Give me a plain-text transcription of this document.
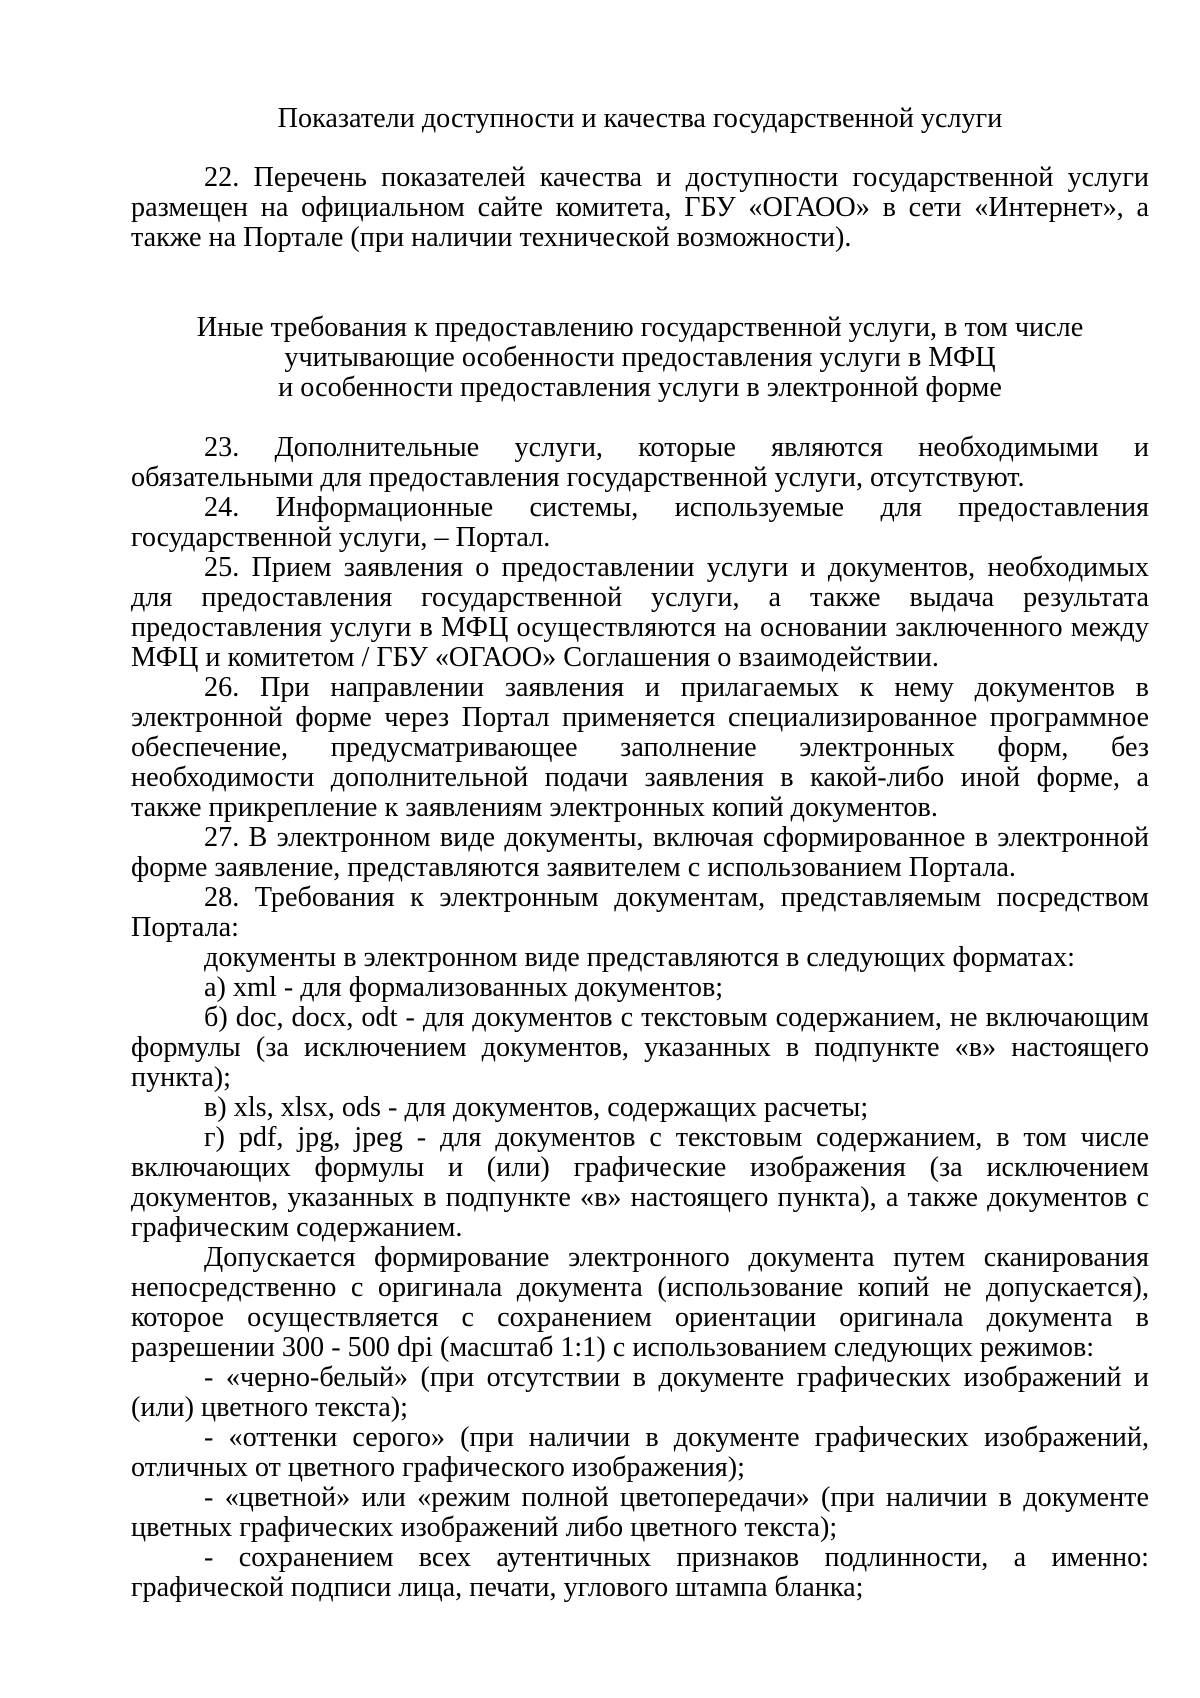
Показатели доступности и качества государственной услуги

22. Перечень показателей качества и доступности государственной услуги размещен на официальном сайте комитета, ГБУ «ОГАОО» в сети «Интернет», а также на Портале (при наличии технической возможности).

Иные требования к предоставлению государственной услуги, в том числе
учитывающие особенности предоставления услуги в МФЦ
и особенности предоставления услуги в электронной форме

23. Дополнительные услуги, которые являются необходимыми и обязательными для предоставления государственной услуги, отсутствуют.

24. Информационные системы, используемые для предоставления государственной услуги, – Портал.

25. Прием заявления о предоставлении услуги и документов, необходимых для предоставления государственной услуги, а также выдача результата предоставления услуги в МФЦ осуществляются на основании заключенного между МФЦ и комитетом / ГБУ «ОГАОО» Соглашения о взаимодействии.

26. При направлении заявления и прилагаемых к нему документов в электронной форме через Портал применяется специализированное программное обеспечение, предусматривающее заполнение электронных форм, без необходимости дополнительной подачи заявления в какой-либо иной форме, а также прикрепление к заявлениям электронных копий документов.

27. В электронном виде документы, включая сформированное в электронной форме заявление, представляются заявителем с использованием Портала.

28. Требования к электронным документам, представляемым посредством Портала:

документы в электронном виде представляются в следующих форматах:

а) xml - для формализованных документов;

б) doc, docx, odt - для документов с текстовым содержанием, не включающим формулы (за исключением документов, указанных в подпункте «в» настоящего пункта);

в) xls, xlsx, ods - для документов, содержащих расчеты;

г) pdf, jpg, jpeg - для документов с текстовым содержанием, в том числе включающих формулы и (или) графические изображения (за исключением документов, указанных в подпункте «в» настоящего пункта), а также документов с графическим содержанием.

Допускается формирование электронного документа путем сканирования непосредственно с оригинала документа (использование копий не допускается), которое осуществляется с сохранением ориентации оригинала документа в разрешении 300 - 500 dpi (масштаб 1:1) с использованием следующих режимов:

- «черно-белый» (при отсутствии в документе графических изображений и (или) цветного текста);

- «оттенки серого» (при наличии в документе графических изображений, отличных от цветного графического изображения);

- «цветной» или «режим полной цветопередачи» (при наличии в документе цветных графических изображений либо цветного текста);

- сохранением всех аутентичных признаков подлинности, а именно: графической подписи лица, печати, углового штампа бланка;
